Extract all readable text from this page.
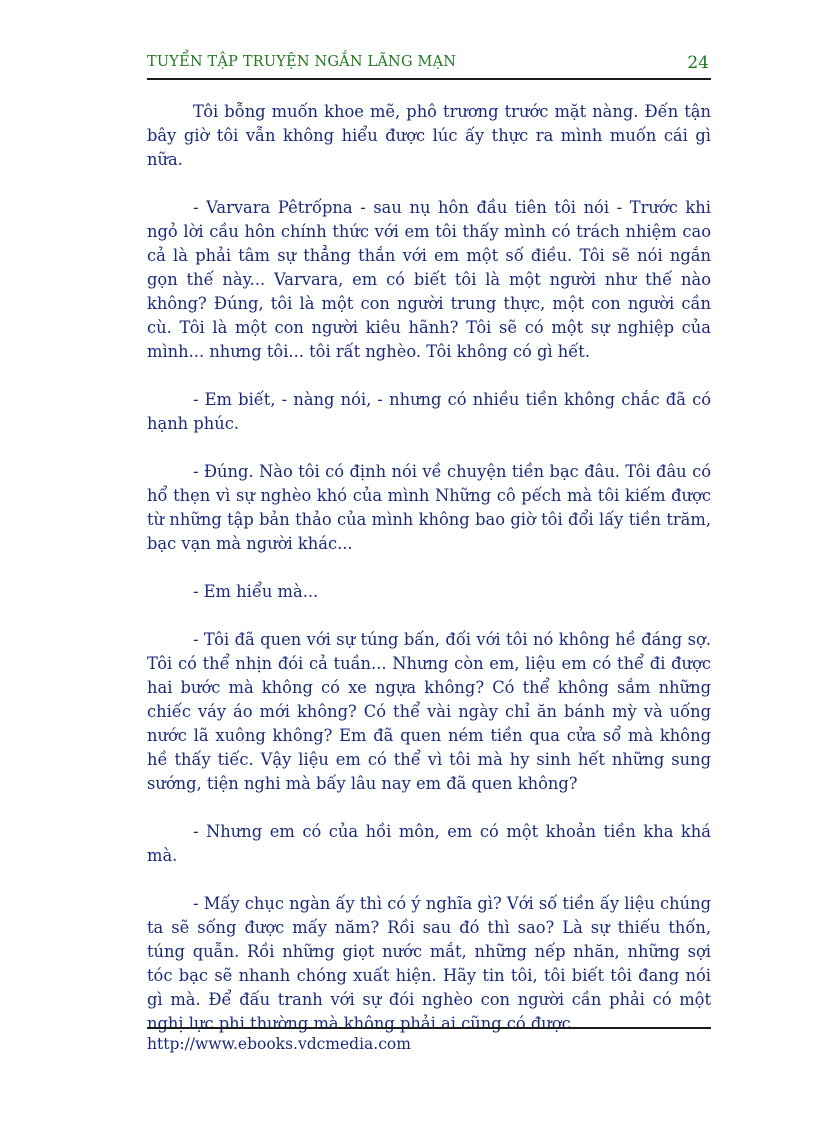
TUYỂN TẬP TRUYỆN NGẮN LÃNG MẠN	24

Tôi bỗng muốn khoe mẽ, phô trương trước mặt nàng. Đến tận bây giờ tôi vẫn không hiểu được lúc ấy thực ra mình muốn cái gì nữa.

- Varvara Pêtrốpna - sau nụ hôn đầu tiên tôi nói - Trước khi ngỏ lời cầu hôn chính thức với em tôi thấy mình có trách nhiệm cao cả là phải tâm sự thẳng thắn với em một số điều. Tôi sẽ nói ngắn gọn thế này... Varvara, em có biết tôi là một người như thế nào không? Đúng, tôi là một con người trung thực, một con người cần cù. Tôi là một con người kiêu hãnh? Tôi sẽ có một sự nghiệp của mình... nhưng tôi... tôi rất nghèo. Tôi không có gì hết.

- Em biết, - nàng nói, - nhưng có nhiều tiền không chắc đã có hạnh phúc.

- Đúng. Nào tôi có định nói về chuyện tiền bạc đâu. Tôi đâu có hổ thẹn vì sự nghèo khó của mình Những cô pếch mà tôi kiếm được từ những tập bản thảo của mình không bao giờ tôi đổi lấy tiền trăm, bạc vạn mà người khác...

- Em hiểu mà...

- Tôi đã quen với sự túng bấn, đối với tôi nó không hề đáng sợ. Tôi có thể nhịn đói cả tuần... Nhưng còn em, liệu em có thể đi được hai bước mà không có xe ngựa không? Có thể không sắm những chiếc váy áo mới không? Có thể vài ngày chỉ ăn bánh mỳ và uống nước lã xuông không? Em đã quen ném tiền qua cửa sổ mà không hề thấy tiếc. Vậy liệu em có thể vì tôi mà hy sinh hết những sung sướng, tiện nghi mà bấy lâu nay em đã quen không?

- Nhưng em có của hồi môn, em có một khoản tiền kha khá mà.

- Mấy chục ngàn ấy thì có ý nghĩa gì? Với số tiền ấy liệu chúng ta sẽ sống được mấy năm? Rồi sau đó thì sao? Là sự thiếu thốn, túng quẫn. Rồi những giọt nước mắt, những nếp nhăn, những sợi tóc bạc sẽ nhanh chóng xuất hiện. Hãy tin tôi, tôi biết tôi đang nói gì mà. Để đấu tranh với sự đói nghèo con người cần phải có một nghị lực phi thường mà không phải ai cũng có được.

http://www.ebooks.vdcmedia.com
